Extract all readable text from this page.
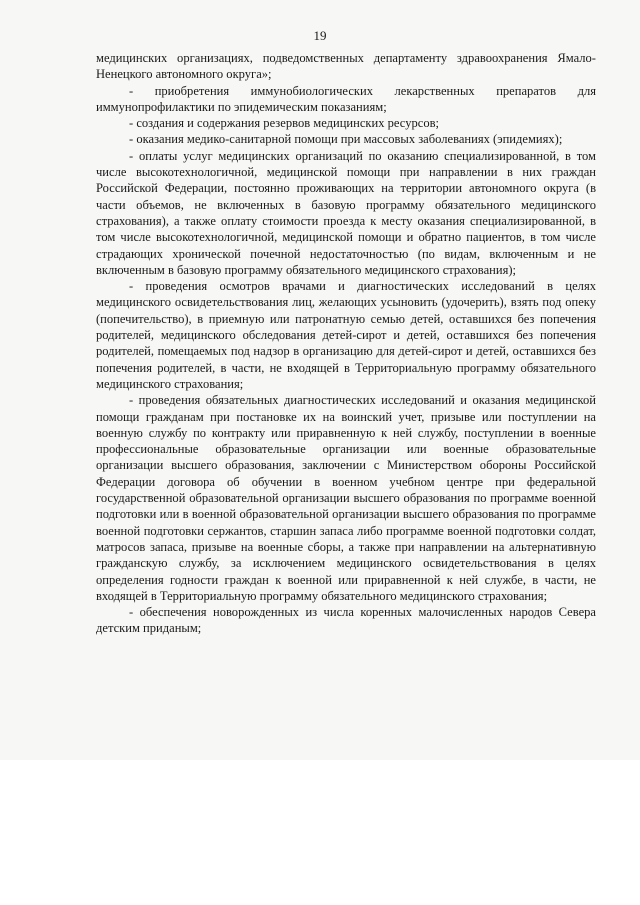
19

медицинских организациях, подведомственных департаменту здравоохранения Ямало-Ненецкого автономного округа»;

- приобретения иммунобиологических лекарственных препаратов для иммунопрофилактики по эпидемическим показаниям;

- создания и содержания резервов медицинских ресурсов;

- оказания медико-санитарной помощи при массовых заболеваниях (эпидемиях);

- оплаты услуг медицинских организаций по оказанию специализированной, в том числе высокотехнологичной, медицинской помощи при направлении в них граждан Российской Федерации, постоянно проживающих на территории автономного округа (в части объемов, не включенных в базовую программу обязательного медицинского страхования), а также оплату стоимости проезда к месту оказания специализированной, в том числе высокотехнологичной, медицинской помощи и обратно пациентов, в том числе страдающих хронической почечной недостаточностью (по видам, включенным и не включенным в базовую программу обязательного медицинского страхования);

- проведения осмотров врачами и диагностических исследований в целях медицинского освидетельствования лиц, желающих усыновить (удочерить), взять под опеку (попечительство), в приемную или патронатную семью детей, оставшихся без попечения родителей, медицинского обследования детей-сирот и детей, оставшихся без попечения родителей, помещаемых под надзор в организацию для детей-сирот и детей, оставшихся без попечения родителей, в части, не входящей в Территориальную программу обязательного медицинского страхования;

- проведения обязательных диагностических исследований и оказания медицинской помощи гражданам при постановке их на воинский учет, призыве или поступлении на военную службу по контракту или приравненную к ней службу, поступлении в военные профессиональные образовательные организации или военные образовательные организации высшего образования, заключении с Министерством обороны Российской Федерации договора об обучении в военном учебном центре при федеральной государственной образовательной организации высшего образования по программе военной подготовки или в военной образовательной организации высшего образования по программе военной подготовки сержантов, старшин запаса либо программе военной подготовки солдат, матросов запаса, призыве на военные сборы, а также при направлении на альтернативную гражданскую службу, за исключением медицинского освидетельствования в целях определения годности граждан к военной или приравненной к ней службе, в части, не входящей в Территориальную программу обязательного медицинского страхования;

- обеспечения новорожденных из числа коренных малочисленных народов Севера детским приданым;
